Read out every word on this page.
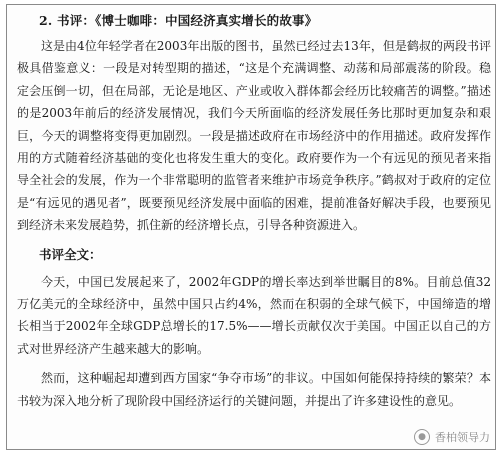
2. 书评：《博士咖啡：中国经济真实增长的故事》

这是由4位年轻学者在2003年出版的图书，虽然已经过去13年，但是鹤叔的两段书评极具借鉴意义：一段是对转型期的描述，“这是个充满调整、动荡和局部震荡的阶段。稳定会压倒一切，但在局部，无论是地区、产业或收入群体都会经历比较痛苦的调整。”描述的是2003年前后的经济发展情况，我们今天所面临的经济发展任务比那时更加复杂和艰巨，今天的调整将变得更加剧烈。一段是描述政府在市场经济中的作用描述。政府发挥作用的方式随着经济基础的变化也将发生重大的变化。政府要作为一个有远见的预见者来指导全社会的发展，作为一个非常聪明的监管者来维护市场竞争秩序。”鹤叔对于政府的定位是“有远见的遇见者”，既要预见经济发展中面临的困难，提前准备好解决手段，也要预见到经济未来发展趋势，抓住新的经济增长点，引导各种资源进入。

书评全文：

今天，中国已发展起来了，2002年GDP的增长率达到举世瞩目的8%。目前总值32万亿美元的全球经济中，虽然中国只占约4%，然而在积弱的全球气候下，中国缔造的增长相当于2002年全球GDP总增长的17.5%——增长贡献仅次于美国。中国正以自己的方式对世界经济产生越来越大的影响。

然而，这种崛起却遭到西方国家“争夺市场”的非议。中国如何能保持持续的繁荣？本书较为深入地分析了现阶段中国经济运行的关键问题，并提出了许多建设性的意见。

● 香柏领导力
